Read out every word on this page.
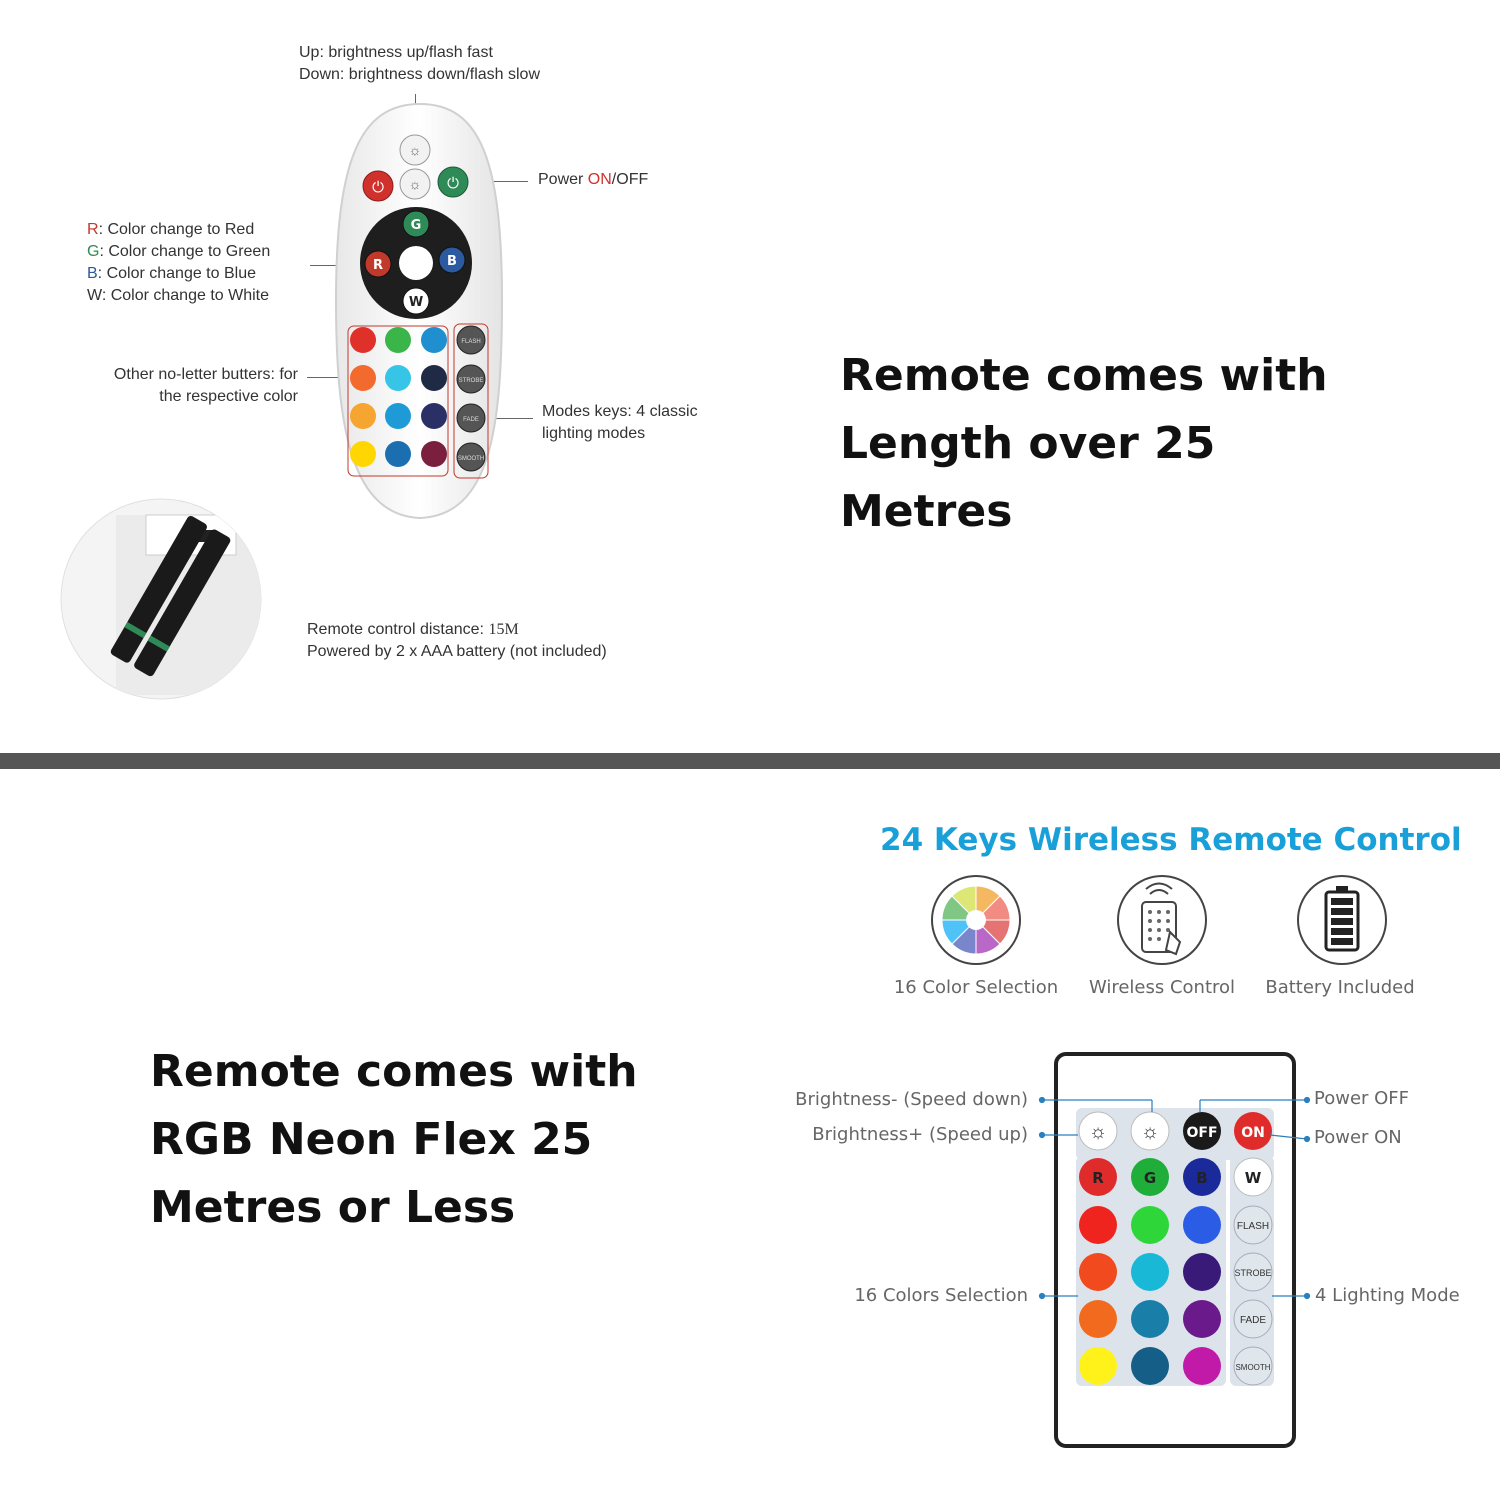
Up: brightness up/flash fast
Down: brightness down/flash slow
Power ON/OFF
R: Color change to Red
G: Color change to Green
B: Color change to Blue
W: Color change to White
Other no-letter butters: for
the respective color
Modes keys: 4 classic
lighting modes
☼
☼
⏻	⏻
G
R	B
W
FLASH
STROBE
FADE
SMOOTH
Remote control distance: 15M
Powered by 2 x AAA battery (not included)
Remote comes with
Length over 25
Metres
Remote comes with
RGB Neon Flex 25
Metres or Less
24 Keys Wireless Remote Control
16 Color Selection	Wireless Control	Battery Included
☼ ☼ OFF ON
R	G	B W
FLASH
STROBE
FADE
SMOOTH
Brightness- (Speed down)
Brightness+ (Speed up)
Power OFF
Power ON
16 Colors Selection	4 Lighting Mode
